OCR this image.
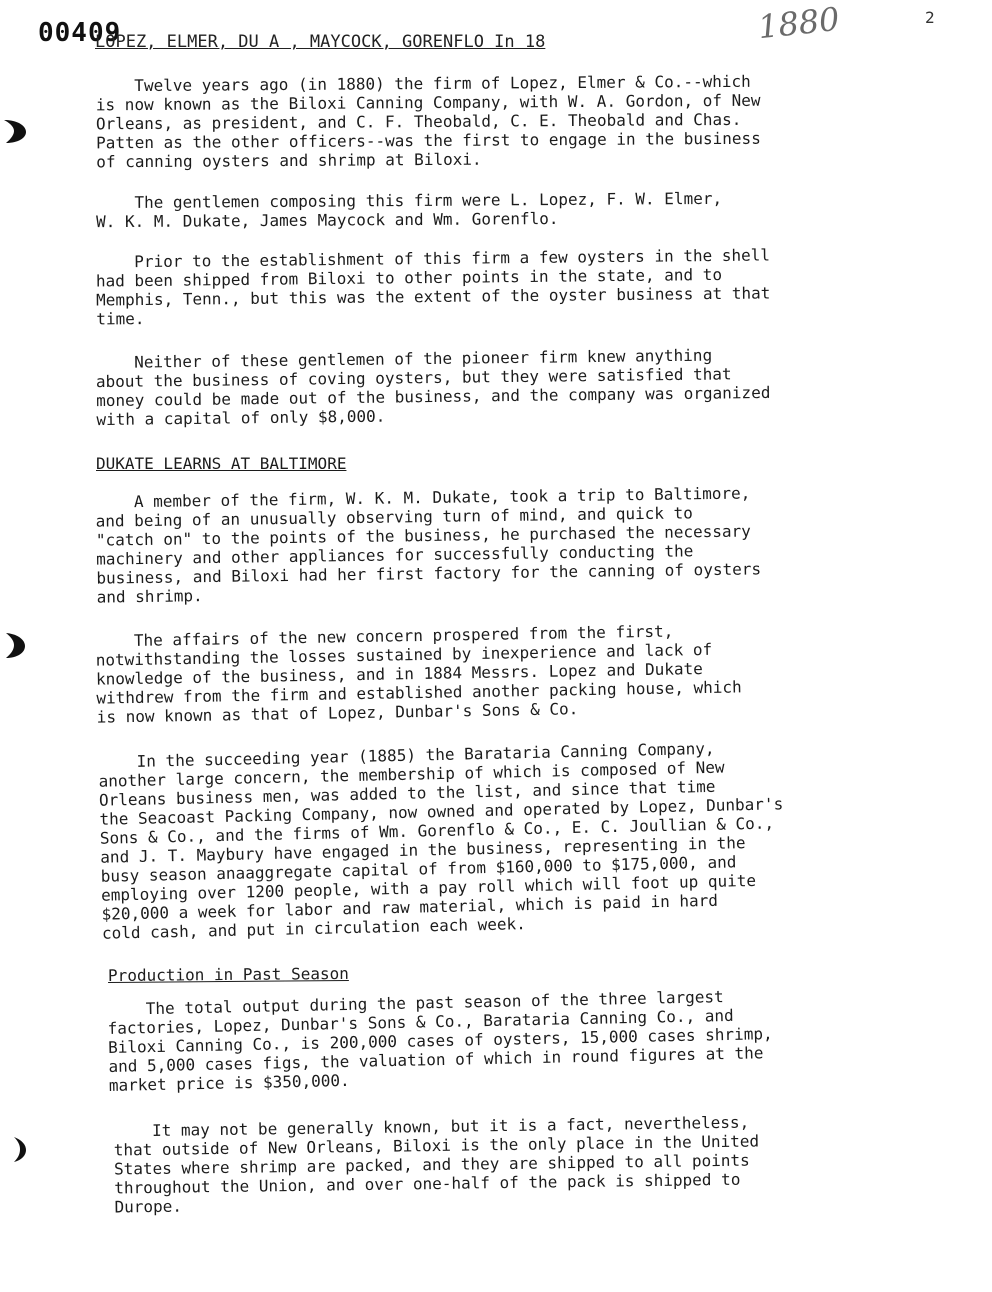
00409
LOPEZ, ELMER, DU A , MAYCOCK, GORENFLO In 18	1880	2

Twelve years ago (in 1880) the firm of Lopez, Elmer & Co.--which
is now known as the Biloxi Canning Company, with W. A. Gordon, of New
Orleans, as president, and C. F. Theobald, C. E. Theobald and Chas.
Patten as the other officers--was the first to engage in the business
of canning oysters and shrimp at Biloxi.

The gentlemen composing this firm were L. Lopez, F. W. Elmer,
W. K. M. Dukate, James Maycock and Wm. Gorenflo.

Prior to the establishment of this firm a few oysters in the shell
had been shipped from Biloxi to other points in the state, and to
Memphis, Tenn., but this was the extent of the oyster business at that
time.

Neither of these gentlemen of the pioneer firm knew anything
about the business of coving oysters, but they were satisfied that
money could be made out of the business, and the company was organized
with a capital of only $8,000.

DUKATE LEARNS AT BALTIMORE

A member of the firm, W. K. M. Dukate, took a trip to Baltimore,
and being of an unusually observing turn of mind, and quick to
"catch on" to the points of the business, he purchased the necessary
machinery and other appliances for successfully conducting the
business, and Biloxi had her first factory for the canning of oysters
and shrimp.

The affairs of the new concern prospered from the first,
notwithstanding the losses sustained by inexperience and lack of
knowledge of the business, and in 1884 Messrs. Lopez and Dukate
withdrew from the firm and established another packing house, which
is now known as that of Lopez, Dunbar's Sons & Co.

In the succeeding year (1885) the Barataria Canning Company,
another large concern, the membership of which is composed of New
Orleans business men, was added to the list, and since that time
the Seacoast Packing Company, now owned and operated by Lopez, Dunbar's
Sons & Co., and the firms of Wm. Gorenflo & Co., E. C. Joullian & Co.,
and J. T. Maybury have engaged in the business, representing in the
busy season anaaggregate capital of from $160,000 to $175,000, and
employing over 1200 people, with a pay roll which will foot up quite
$20,000 a week for labor and raw material, which is paid in hard
cold cash, and put in circulation each week.

Production in Past Season

The total output during the past season of the three largest
factories, Lopez, Dunbar's Sons & Co., Barataria Canning Co., and
Biloxi Canning Co., is 200,000 cases of oysters, 15,000 cases shrimp,
and 5,000 cases figs, the valuation of which in round figures at the
market price is $350,000.

It may not be generally known, but it is a fact, nevertheless,
that outside of New Orleans, Biloxi is the only place in the United
States where shrimp are packed, and they are shipped to all points
throughout the Union, and over one-half of the pack is shipped to
Durope.
